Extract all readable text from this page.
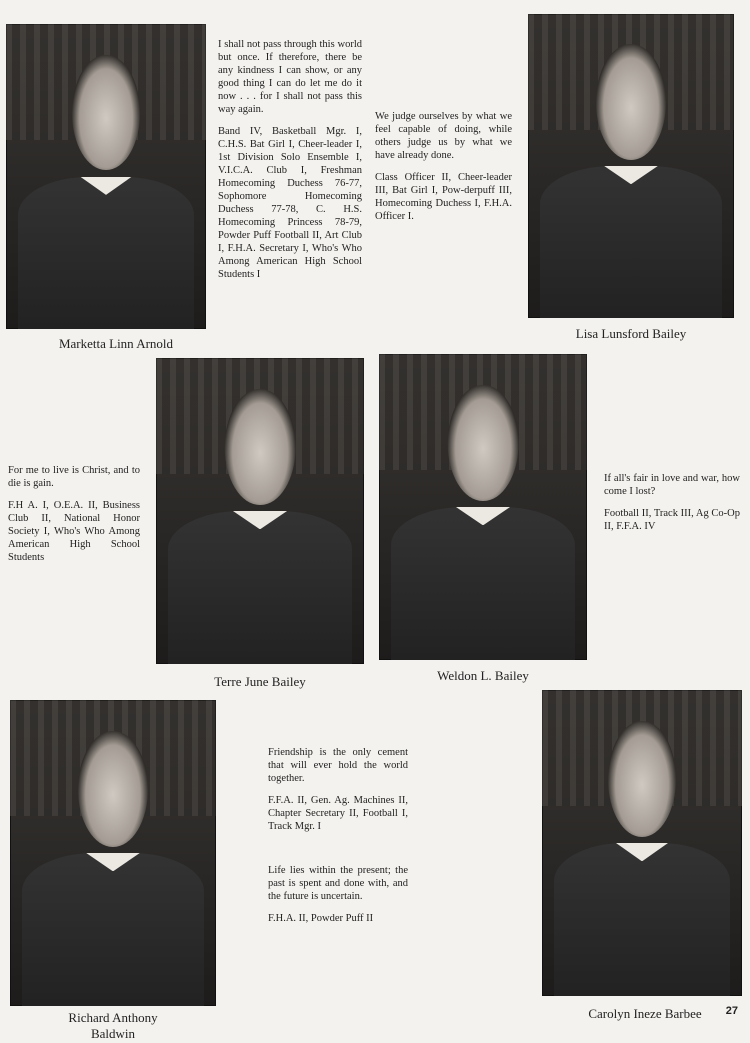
Marketta Linn Arnold

I shall not pass through this world but once. If therefore, there be any kindness I can show, or any good thing I can do let me do it now . . . for I shall not pass this way again.

Band IV, Basketball Mgr. I, C.H.S. Bat Girl I, Cheer-leader I, 1st Division Solo Ensemble I, V.I.C.A. Club I, Freshman Homecoming Duchess 76-77, Sophomore Homecoming Duchess 77-78, C. H.S. Homecoming Princess 78-79, Powder Puff Football II, Art Club I, F.H.A. Secretary I, Who's Who Among American High School Students I

We judge ourselves by what we feel capable of doing, while others judge us by what we have already done.

Class Officer II, Cheer-leader III, Bat Girl I, Pow-derpuff III, Homecoming Duchess I, F.H.A. Officer I.

Lisa Lunsford Bailey

For me to live is Christ, and to die is gain.

F.H A. I, O.E.A. II, Business Club II, National Honor Society I, Who's Who Among American High School Students

Terre June Bailey	Weldon L. Bailey

If all's fair in love and war, how come I lost?

Football II, Track III, Ag Co-Op II, F.F.A. IV

Richard Anthony
Baldwin

Friendship is the only cement that will ever hold the world together.

F.F.A. II, Gen. Ag. Machines II, Chapter Secretary II, Football I, Track Mgr. I

Life lies within the present; the past is spent and done with, and the future is uncertain.

F.H.A. II, Powder Puff II

Carolyn Ineze Barbee	27
